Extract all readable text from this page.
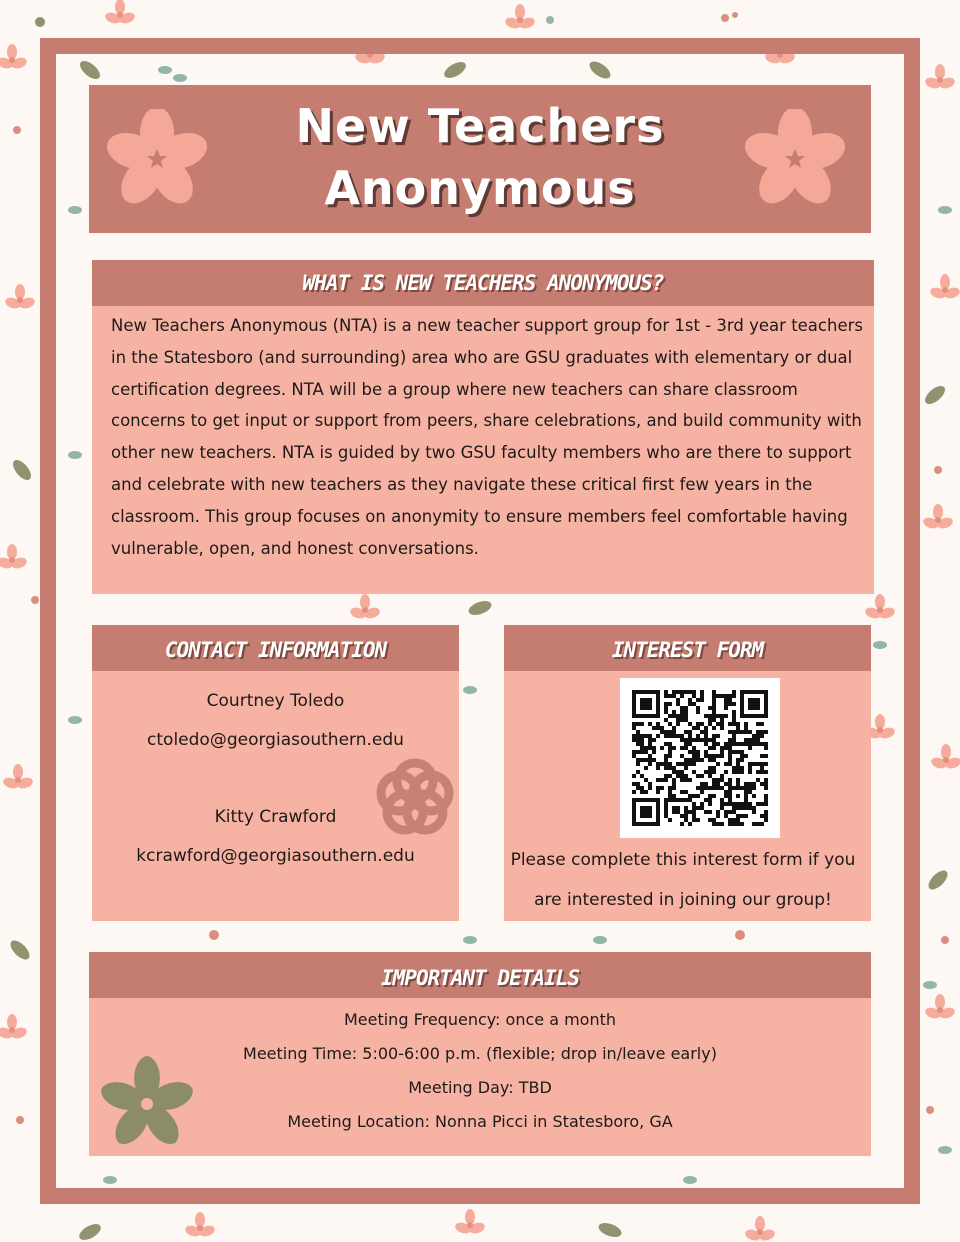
New Teachers
Anonymous
WHAT IS NEW TEACHERS ANONYMOUS?
New Teachers Anonymous (NTA) is a new teacher support group for 1st - 3rd year teachers in the Statesboro (and surrounding) area who are GSU graduates with elementary or dual certification degrees. NTA will be a group where new teachers can share classroom concerns to get input or support from peers, share celebrations, and build community with other new teachers. NTA is guided by two GSU faculty members who are there to support and celebrate with new teachers as they navigate these critical first few years in the classroom. This group focuses on anonymity to ensure members feel comfortable having vulnerable, open, and honest conversations.
CONTACT INFORMATION
Courtney Toledo
ctoledo@georgiasouthern.edu
Kitty Crawford
kcrawford@georgiasouthern.edu
INTEREST FORM
Please complete this interest form if you are interested in joining our group!
IMPORTANT DETAILS
Meeting Frequency: once a month
Meeting Time: 5:00-6:00 p.m. (flexible; drop in/leave early)
Meeting Day: TBD
Meeting Location: Nonna Picci in Statesboro, GA
